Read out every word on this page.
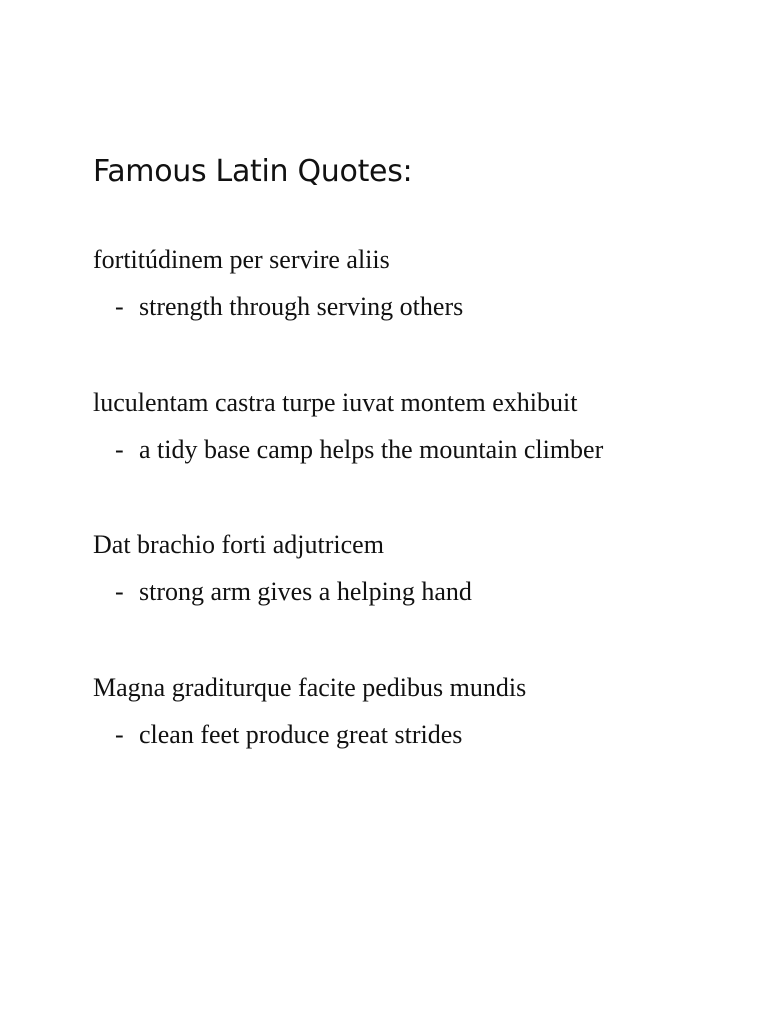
Famous Latin Quotes:

fortitúdinem per servire aliis

- strength through serving others

luculentam castra turpe iuvat montem exhibuit

- a tidy base camp helps the mountain climber

Dat brachio forti adjutricem

- strong arm gives a helping hand

Magna graditurque facite pedibus mundis

- clean feet produce great strides
